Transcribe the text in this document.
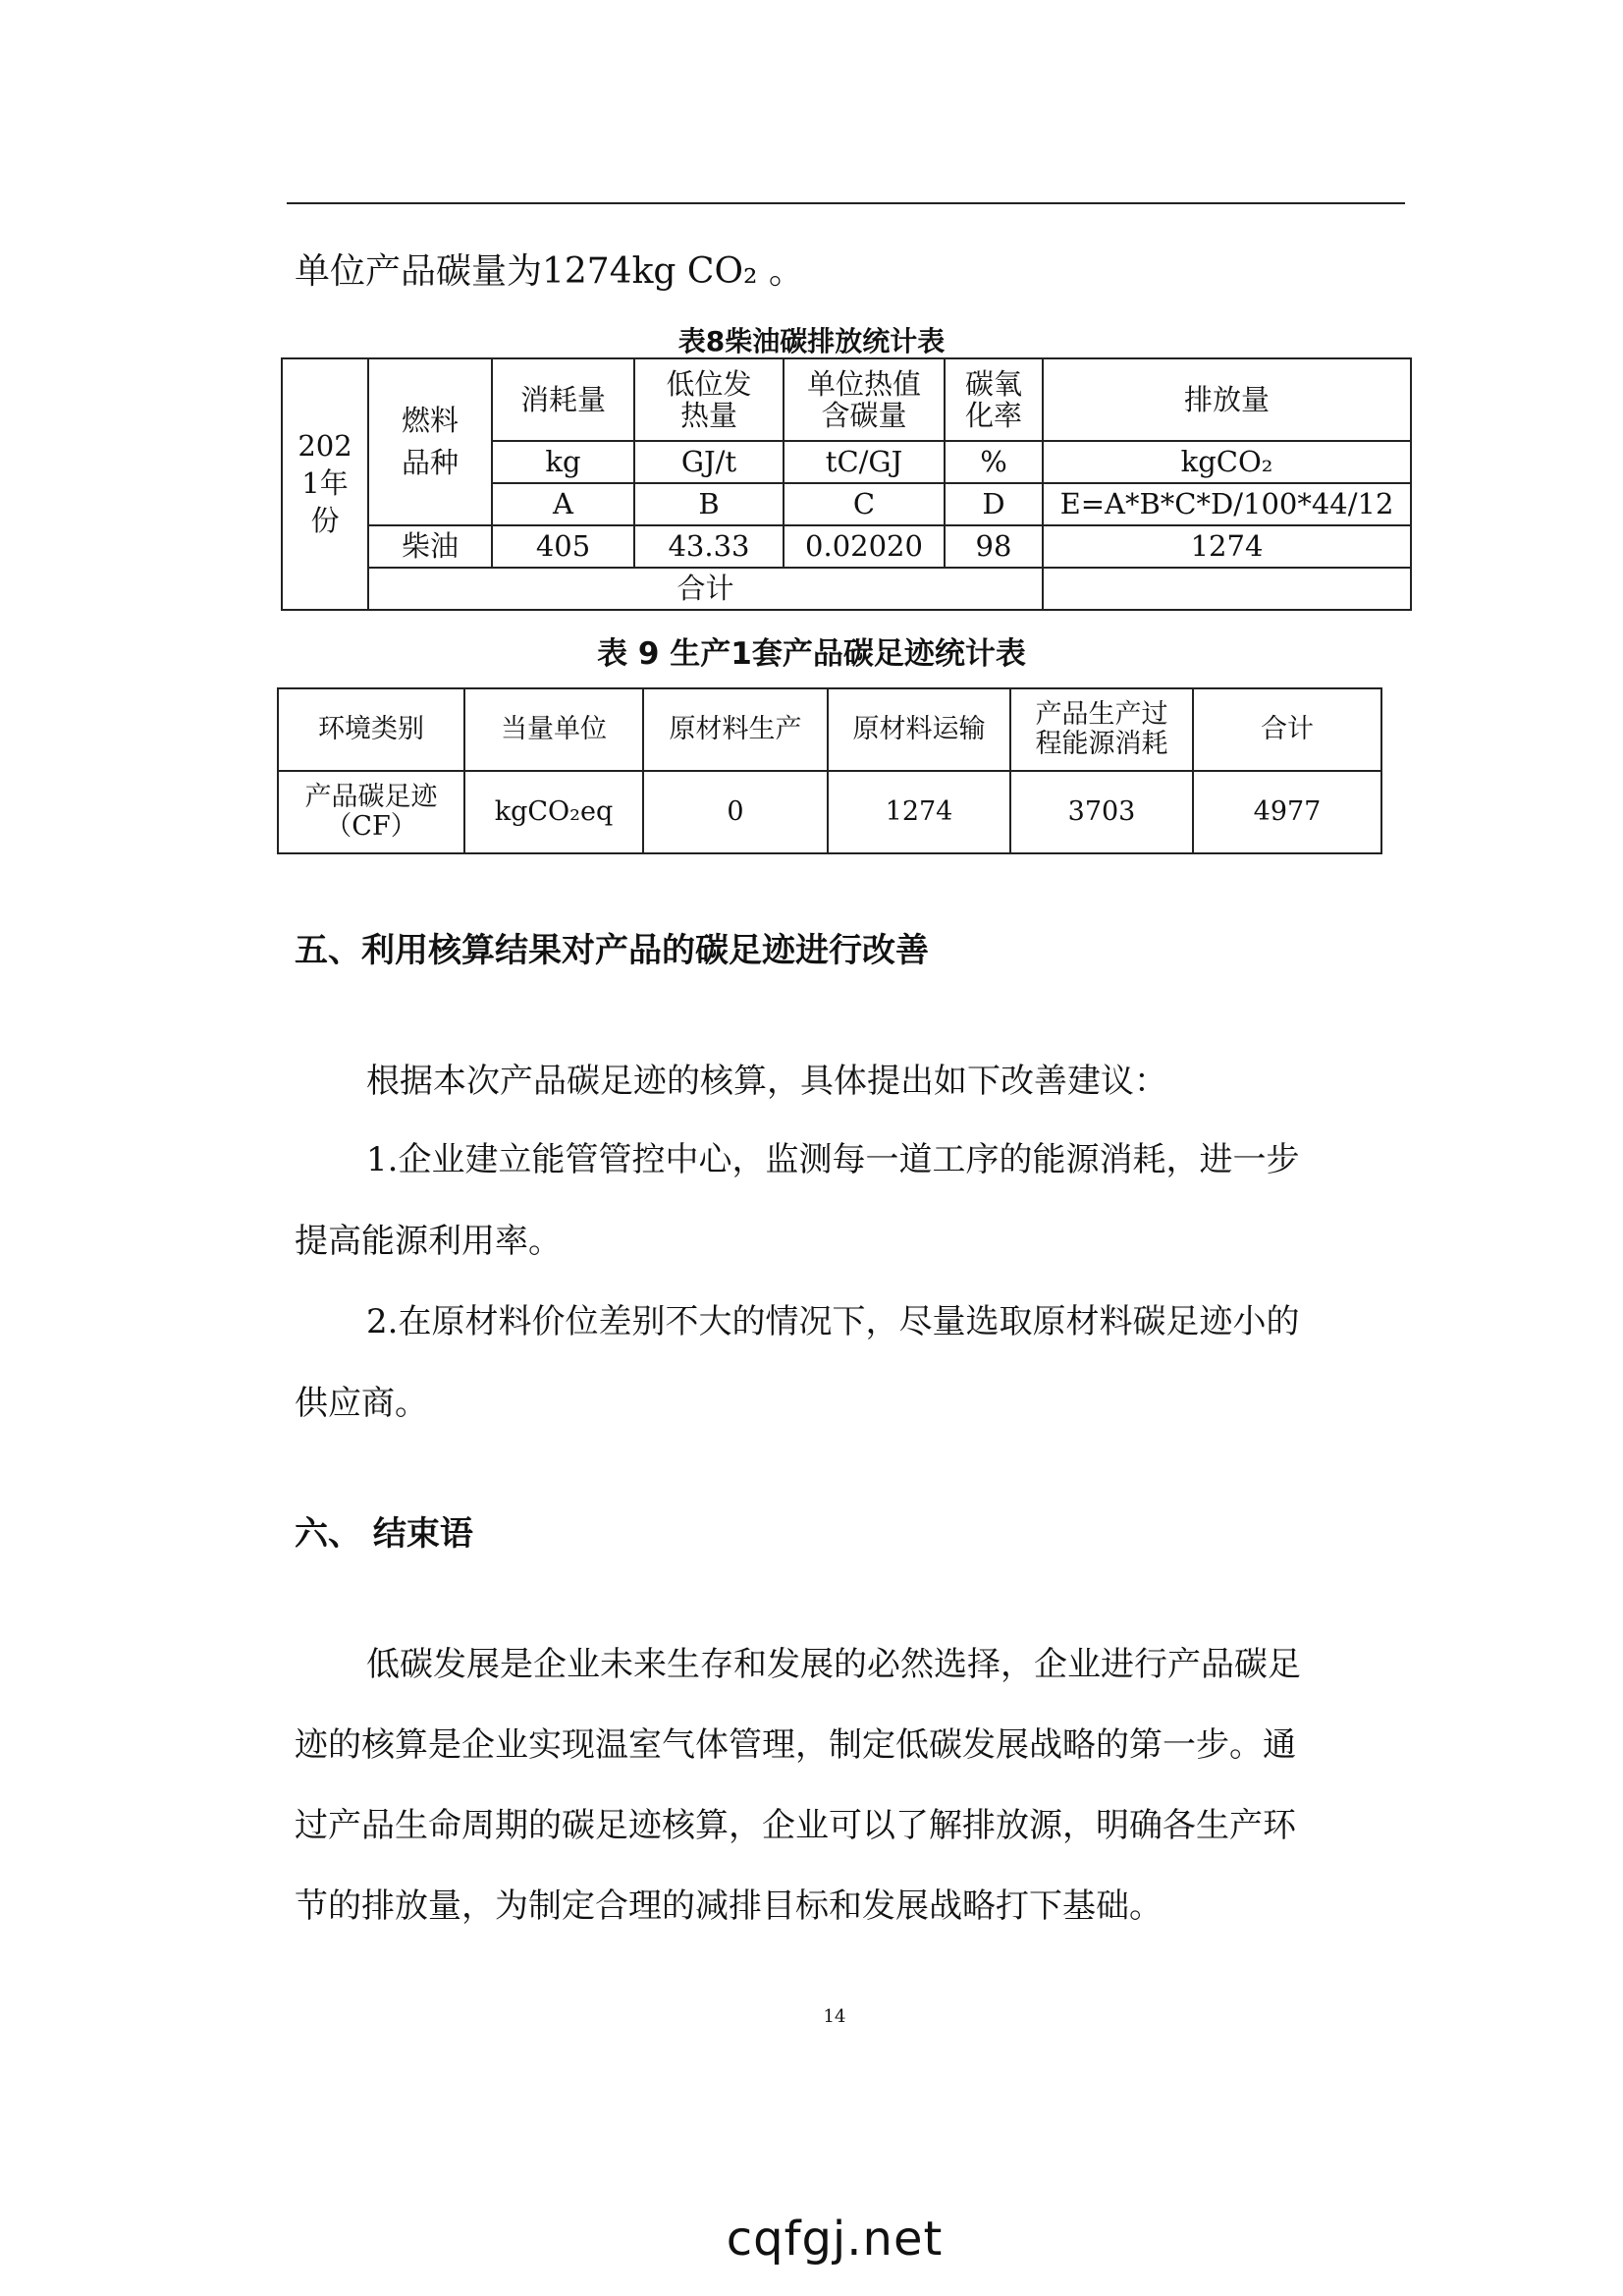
单位产品碳量为1274kg CO₂ 。
表8柴油碳排放统计表
2021年份	燃料品种	消耗量	低位发热量	单位热值含碳量	碳氧化率	排放量
		kg	GJ/t	tC/GJ	%	kgCO₂
		A	B	C	D	E=A*B*C*D/100*44/12
	柴油	405	43.33	0.02020	98	1274
	合计					
表 9 生产1套产品碳足迹统计表
环境类别	当量单位	原材料生产	原材料运输	产品生产过程能源消耗	合计

产品碳足迹（CF）	kgCO₂eq	0	1274	3703	4977
五、利用核算结果对产品的碳足迹进行改善
根据本次产品碳足迹的核算，具体提出如下改善建议：
1.企业建立能管管控中心，监测每一道工序的能源消耗，进一步
提高能源利用率。
2.在原材料价位差别不大的情况下，尽量选取原材料碳足迹小的
供应商。
六、 结束语
低碳发展是企业未来生存和发展的必然选择，企业进行产品碳足
迹的核算是企业实现温室气体管理，制定低碳发展战略的第一步。通
过产品生命周期的碳足迹核算，企业可以了解排放源，明确各生产环
节的排放量，为制定合理的减排目标和发展战略打下基础。
14
cqfgj.net
